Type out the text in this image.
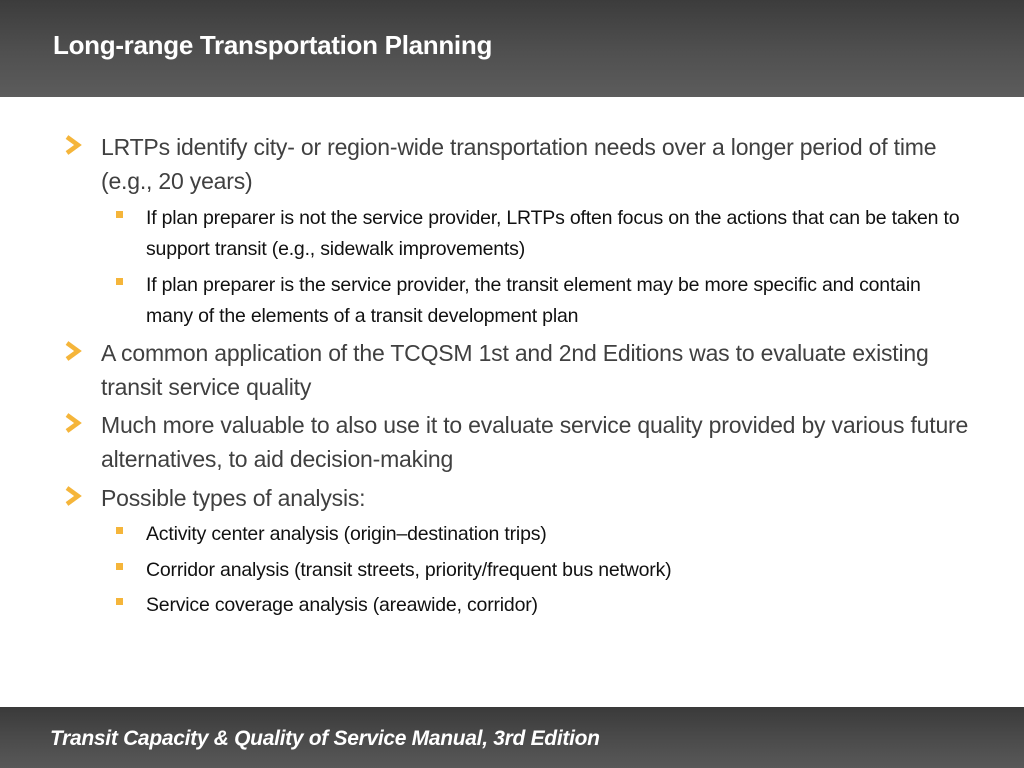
Long-range Transportation Planning
LRTPs identify city- or region-wide transportation needs over a longer period of time (e.g., 20 years)
If plan preparer is not the service provider, LRTPs often focus on the actions that can be taken to support transit (e.g., sidewalk improvements)
If plan preparer is the service provider, the transit element may be more specific and contain many of the elements of a transit development plan
A common application of the TCQSM 1st and 2nd Editions was to evaluate existing transit service quality
Much more valuable to also use it to evaluate service quality provided by various future alternatives, to aid decision-making
Possible types of analysis:
Activity center analysis (origin–destination trips)
Corridor analysis (transit streets, priority/frequent bus network)
Service coverage analysis (areawide, corridor)
Transit Capacity & Quality of Service Manual, 3rd Edition
